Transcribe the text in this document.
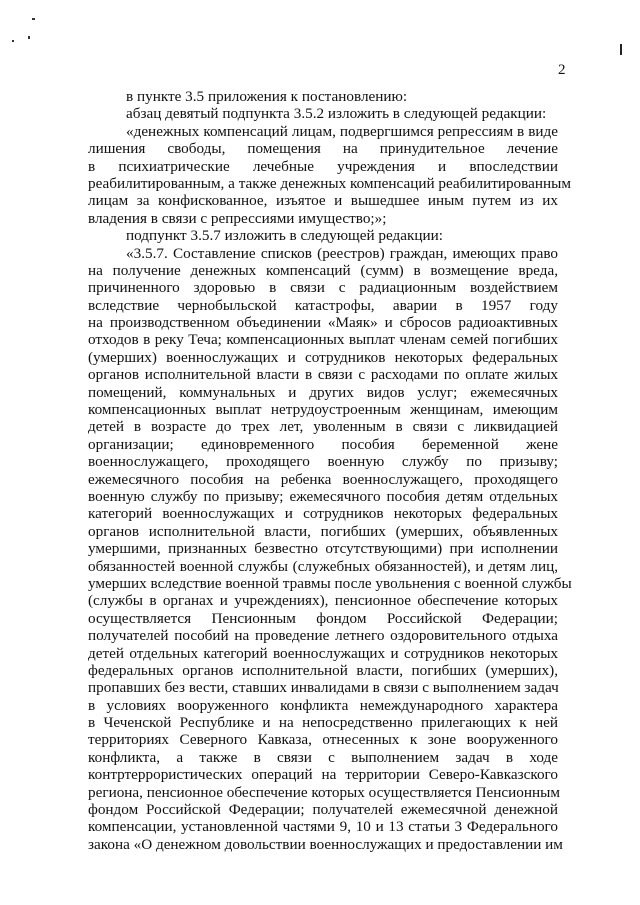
2
в пункте 3.5 приложения к постановлению:
абзац девятый подпункта 3.5.2 изложить в следующей редакции:
«денежных компенсаций лицам, подвергшимся репрессиям в виде
лишения свободы, помещения на принудительное лечение
в психиатрические лечебные учреждения и впоследствии
реабилитированным, а также денежных компенсаций реабилитированным
лицам за конфискованное, изъятое и вышедшее иным путем из их
владения в связи с репрессиями имущество;»;
подпункт 3.5.7 изложить в следующей редакции:
«3.5.7. Составление списков (реестров) граждан, имеющих право
на получение денежных компенсаций (сумм) в возмещение вреда,
причиненного здоровью в связи с радиационным воздействием
вследствие чернобыльской катастрофы, аварии в 1957 году
на производственном объединении «Маяк» и сбросов радиоактивных
отходов в реку Теча; компенсационных выплат членам семей погибших
(умерших) военнослужащих и сотрудников некоторых федеральных
органов исполнительной власти в связи с расходами по оплате жилых
помещений, коммунальных и других видов услуг; ежемесячных
компенсационных выплат нетрудоустроенным женщинам, имеющим
детей в возрасте до трех лет, уволенным в связи с ликвидацией
организации; единовременного пособия беременной жене
военнослужащего, проходящего военную службу по призыву;
ежемесячного пособия на ребенка военнослужащего, проходящего
военную службу по призыву; ежемесячного пособия детям отдельных
категорий военнослужащих и сотрудников некоторых федеральных
органов исполнительной власти, погибших (умерших, объявленных
умершими, признанных безвестно отсутствующими) при исполнении
обязанностей военной службы (служебных обязанностей), и детям лиц,
умерших вследствие военной травмы после увольнения с военной службы
(службы в органах и учреждениях), пенсионное обеспечение которых
осуществляется Пенсионным фондом Российской Федерации;
получателей пособий на проведение летнего оздоровительного отдыха
детей отдельных категорий военнослужащих и сотрудников некоторых
федеральных органов исполнительной власти, погибших (умерших),
пропавших без вести, ставших инвалидами в связи с выполнением задач
в условиях вооруженного конфликта немеждународного характера
в Чеченской Республике и на непосредственно прилегающих к ней
территориях Северного Кавказа, отнесенных к зоне вооруженного
конфликта, а также в связи с выполнением задач в ходе
контртеррористических операций на территории Северо-Кавказского
региона, пенсионное обеспечение которых осуществляется Пенсионным
фондом Российской Федерации; получателей ежемесячной денежной
компенсации, установленной частями 9, 10 и 13 статьи 3 Федерального
закона «О денежном довольствии военнослужащих и предоставлении им
